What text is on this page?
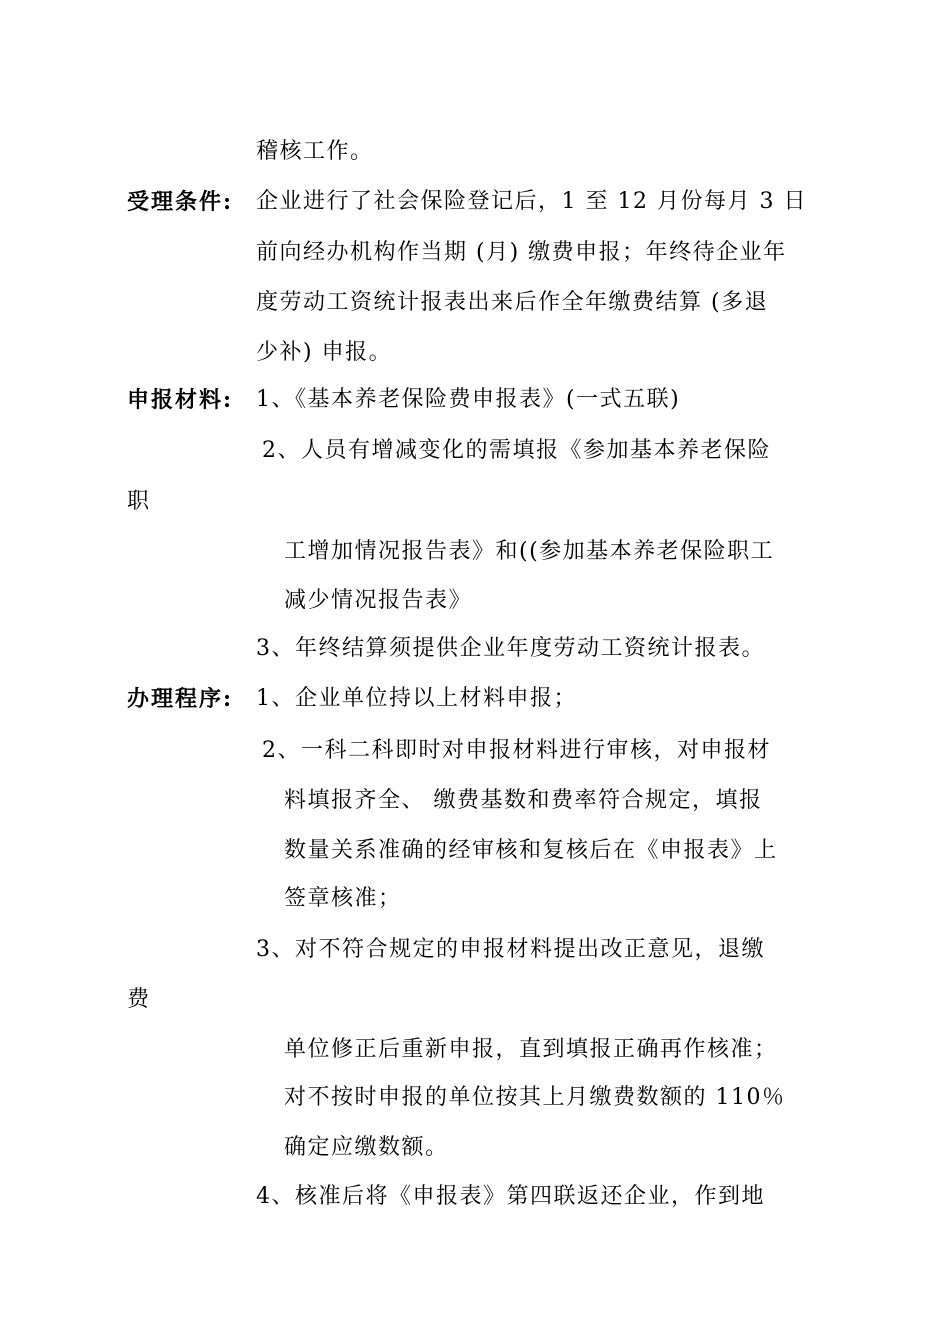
稽核工作。
受理条件: 企业进行了社会保险登记后，1 至 12 月份每月 3 日
前向经办机构作当期 (月) 缴费申报；年终待企业年
度劳动工资统计报表出来后作全年缴费结算 (多退
少补) 申报。
申报材料: 1、《基本养老保险费申报表》(一式五联)
2、人员有增减变化的需填报《参加基本养老保险
职
工增加情况报告表》和((参加基本养老保险职工
减少情况报告表》
3、年终结算须提供企业年度劳动工资统计报表。
办理程序: 1、企业单位持以上材料申报；
2、一科二科即时对申报材料进行审核，对申报材
料填报齐全、 缴费基数和费率符合规定，填报
数量关系准确的经审核和复核后在《申报表》上
签章核准；
3、对不符合规定的申报材料提出改正意见，退缴
费
单位修正后重新申报，直到填报正确再作核准；
对不按时申报的单位按其上月缴费数额的 110％
确定应缴数额。
4、核准后将《申报表》第四联返还企业，作到地
